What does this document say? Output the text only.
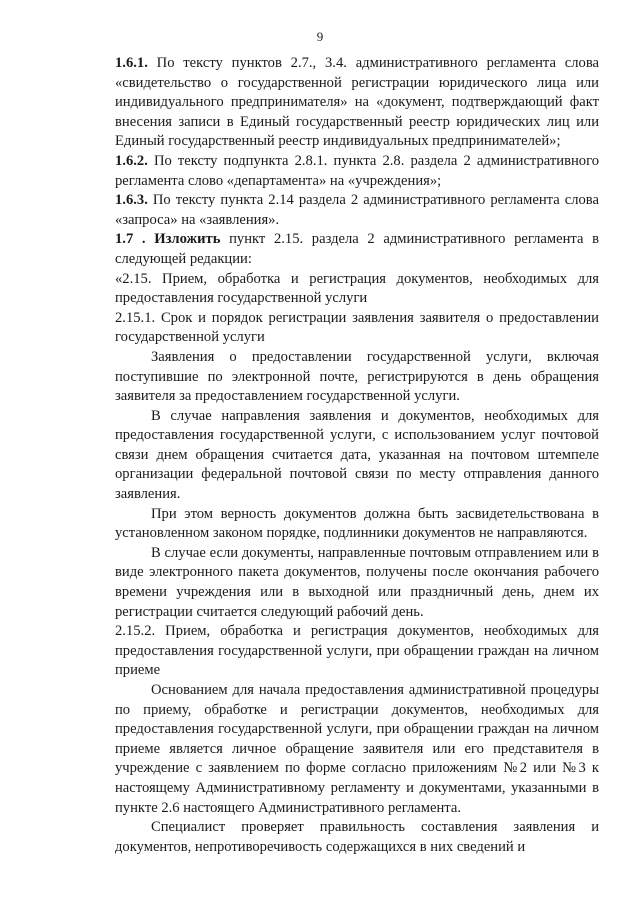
9

1.6.1. По тексту пунктов 2.7., 3.4. административного регламента слова «свидетельство о государственной регистрации юридического лица или индивидуального предпринимателя» на «документ, подтверждающий факт внесения записи в Единый государственный реестр юридических лиц или Единый государственный реестр индивидуальных предпринимателей»;

1.6.2. По тексту подпункта 2.8.1. пункта 2.8. раздела 2 административного регламента слово «департамента» на «учреждения»;

1.6.3. По тексту пункта 2.14 раздела 2 административного регламента слова «запроса» на «заявления».

1.7 . Изложить пункт 2.15. раздела 2 административного регламента в следующей редакции:

«2.15. Прием, обработка и регистрация документов, необходимых для предоставления государственной услуги

2.15.1. Срок и порядок регистрации заявления заявителя о предоставлении государственной услуги

Заявления о предоставлении государственной услуги, включая поступившие по электронной почте, регистрируются в день обращения заявителя за предоставлением государственной услуги.

В случае направления заявления и документов, необходимых для предоставления государственной услуги, с использованием услуг почтовой связи днем обращения считается дата, указанная на почтовом штемпеле организации федеральной почтовой связи по месту отправления данного заявления.

При этом верность документов должна быть засвидетельствована в установленном законом порядке, подлинники документов не направляются.

В случае если документы, направленные почтовым отправлением или в виде электронного пакета документов, получены после окончания рабочего времени учреждения или в выходной или праздничный день, днем их регистрации считается следующий рабочий день.

2.15.2. Прием, обработка и регистрация документов, необходимых для предоставления государственной услуги, при обращении граждан на личном приеме

Основанием для начала предоставления административной процедуры по приему, обработке и регистрации документов, необходимых для предоставления государственной услуги, при обращении граждан на личном приеме является личное обращение заявителя или его представителя в учреждение с заявлением по форме согласно приложениям №2 или №3 к настоящему Административному регламенту и документами, указанными в пункте 2.6 настоящего Административного регламента.

Специалист проверяет правильность составления заявления и документов, непротиворечивость содержащихся в них сведений и
